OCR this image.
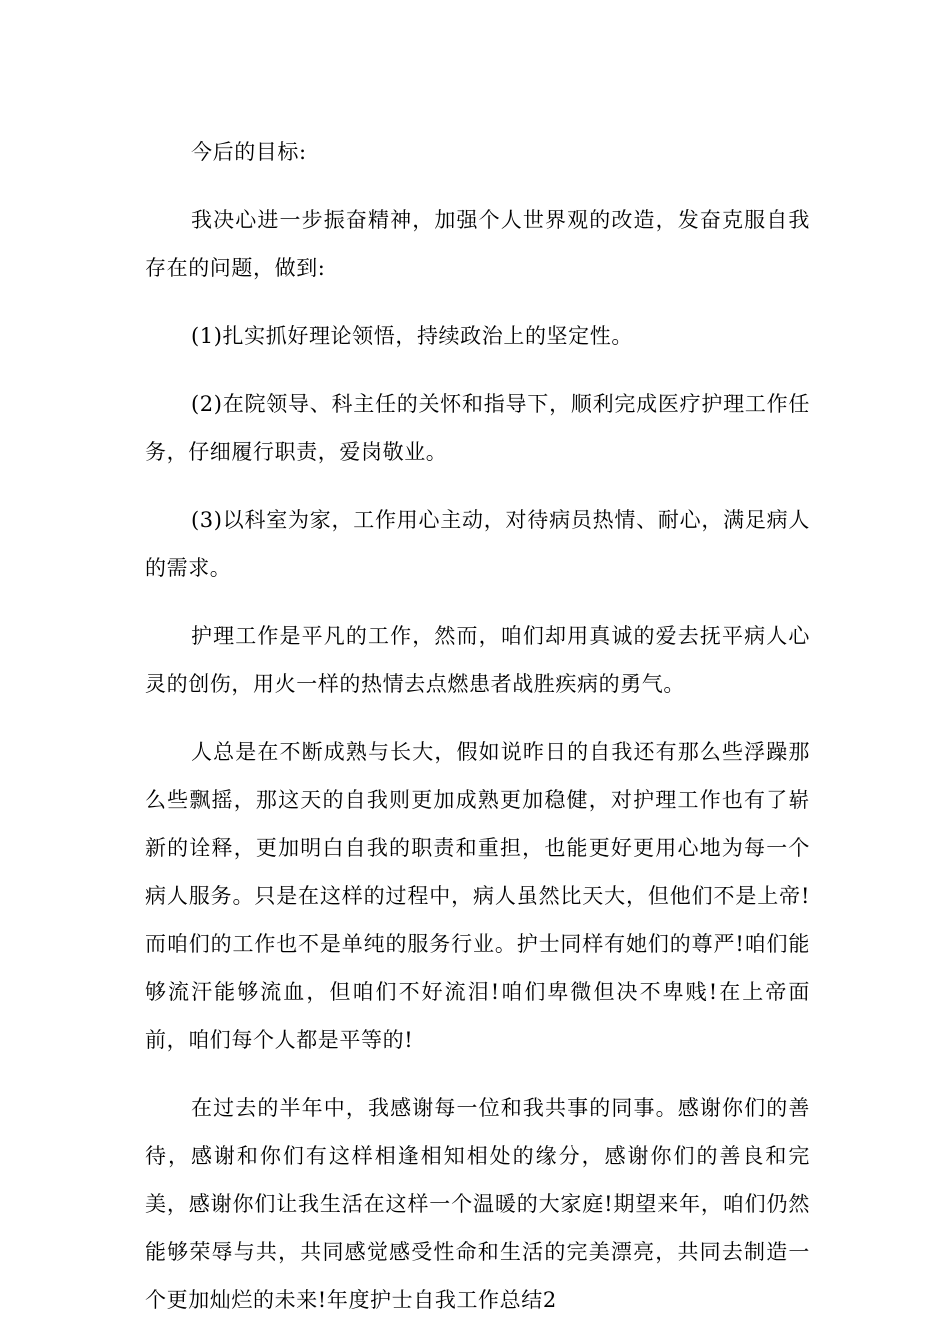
今后的目标:

我决心进一步振奋精神，加强个人世界观的改造，发奋克服自我存在的问题，做到:

(1)扎实抓好理论领悟，持续政治上的坚定性。

(2)在院领导、科主任的关怀和指导下，顺利完成医疗护理工作任务，仔细履行职责，爱岗敬业。

(3)以科室为家，工作用心主动，对待病员热情、耐心，满足病人的需求。

护理工作是平凡的工作，然而，咱们却用真诚的爱去抚平病人心灵的创伤，用火一样的热情去点燃患者战胜疾病的勇气。

人总是在不断成熟与长大，假如说昨日的自我还有那么些浮躁那么些飘摇，那这天的自我则更加成熟更加稳健，对护理工作也有了崭新的诠释，更加明白自我的职责和重担，也能更好更用心地为每一个病人服务。只是在这样的过程中，病人虽然比天大，但他们不是上帝!而咱们的工作也不是单纯的服务行业。护士同样有她们的尊严!咱们能够流汗能够流血，但咱们不好流泪!咱们卑微但决不卑贱!在上帝面前，咱们每个人都是平等的!

在过去的半年中，我感谢每一位和我共事的同事。感谢你们的善待，感谢和你们有这样相逢相知相处的缘分，感谢你们的善良和完美，感谢你们让我生活在这样一个温暖的大家庭!期望来年，咱们仍然能够荣辱与共，共同感觉感受性命和生活的完美漂亮，共同去制造一个更加灿烂的未来!年度护士自我工作总结2
